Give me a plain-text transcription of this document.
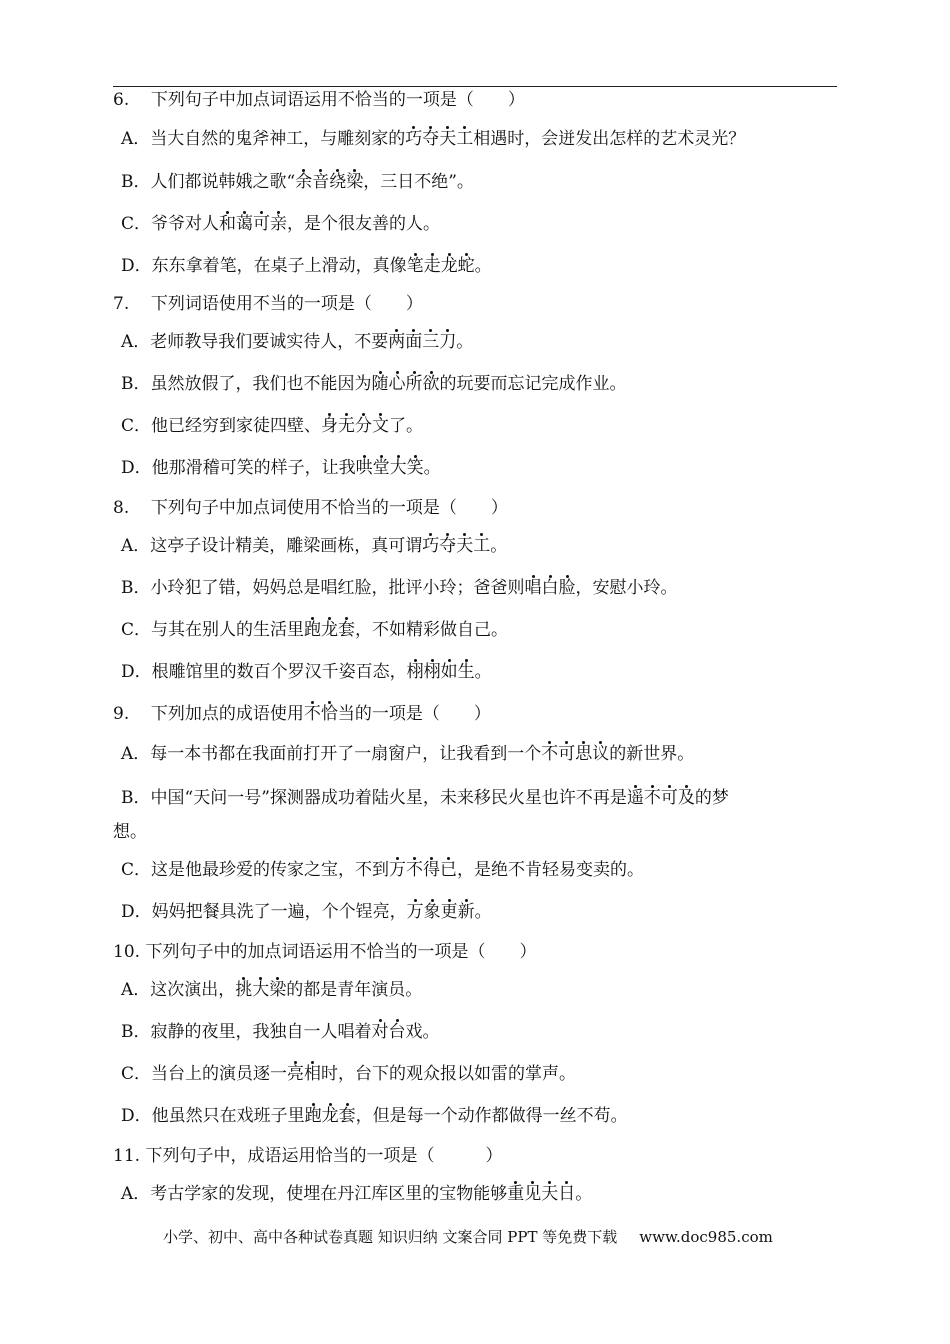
6. 下列句子中加点词语运用不恰当的一项是（　　）
A．当大自然的鬼斧神工，与雕刻家的巧夺天工相遇时，会迸发出怎样的艺术灵光？
B．人们都说韩娥之歌“余音绕梁，三日不绝”。
C．爷爷对人和蔼可亲，是个很友善的人。
D．东东拿着笔，在桌子上滑动，真像笔走龙蛇。
7. 下列词语使用不当的一项是（　　）
A．老师教导我们要诚实待人，不要两面三刀。
B．虽然放假了，我们也不能因为随心所欲的玩要而忘记完成作业。
C．他已经穷到家徒四壁、身无分文了。
D．他那滑稽可笑的样子，让我哄堂大笑。
8. 下列句子中加点词使用不恰当的一项是（　　）
A．这亭子设计精美，雕梁画栋，真可谓巧夺天工。
B．小玲犯了错，妈妈总是唱红脸，批评小玲；爸爸则唱白脸，安慰小玲。
C．与其在别人的生活里跑龙套，不如精彩做自己。
D．根雕馆里的数百个罗汉千姿百态，栩栩如生。
9. 下列加点的成语使用不恰当的一项是（　　）
A．每一本书都在我面前打开了一扇窗户，让我看到一个不可思议的新世界。
B．中国“天问一号”探测器成功着陆火星，未来移民火星也许不再是遥不可及的梦
想。
C．这是他最珍爱的传家之宝，不到万不得已，是绝不肯轻易变卖的。
D．妈妈把餐具洗了一遍，个个锃亮，万象更新。
10. 下列句子中的加点词语运用不恰当的一项是（　　）
A．这次演出，挑大梁的都是青年演员。
B．寂静的夜里，我独自一人唱着对台戏。
C．当台上的演员逐一亮相时，台下的观众报以如雷的掌声。
D．他虽然只在戏班子里跑龙套，但是每一个动作都做得一丝不苟。
11. 下列句子中，成语运用恰当的一项是（　　　）
A．考古学家的发现，使埋在丹江库区里的宝物能够重见天日。
小学、初中、高中各种试卷真题 知识归纳 文案合同 PPT 等免费下载 www.doc985.com
